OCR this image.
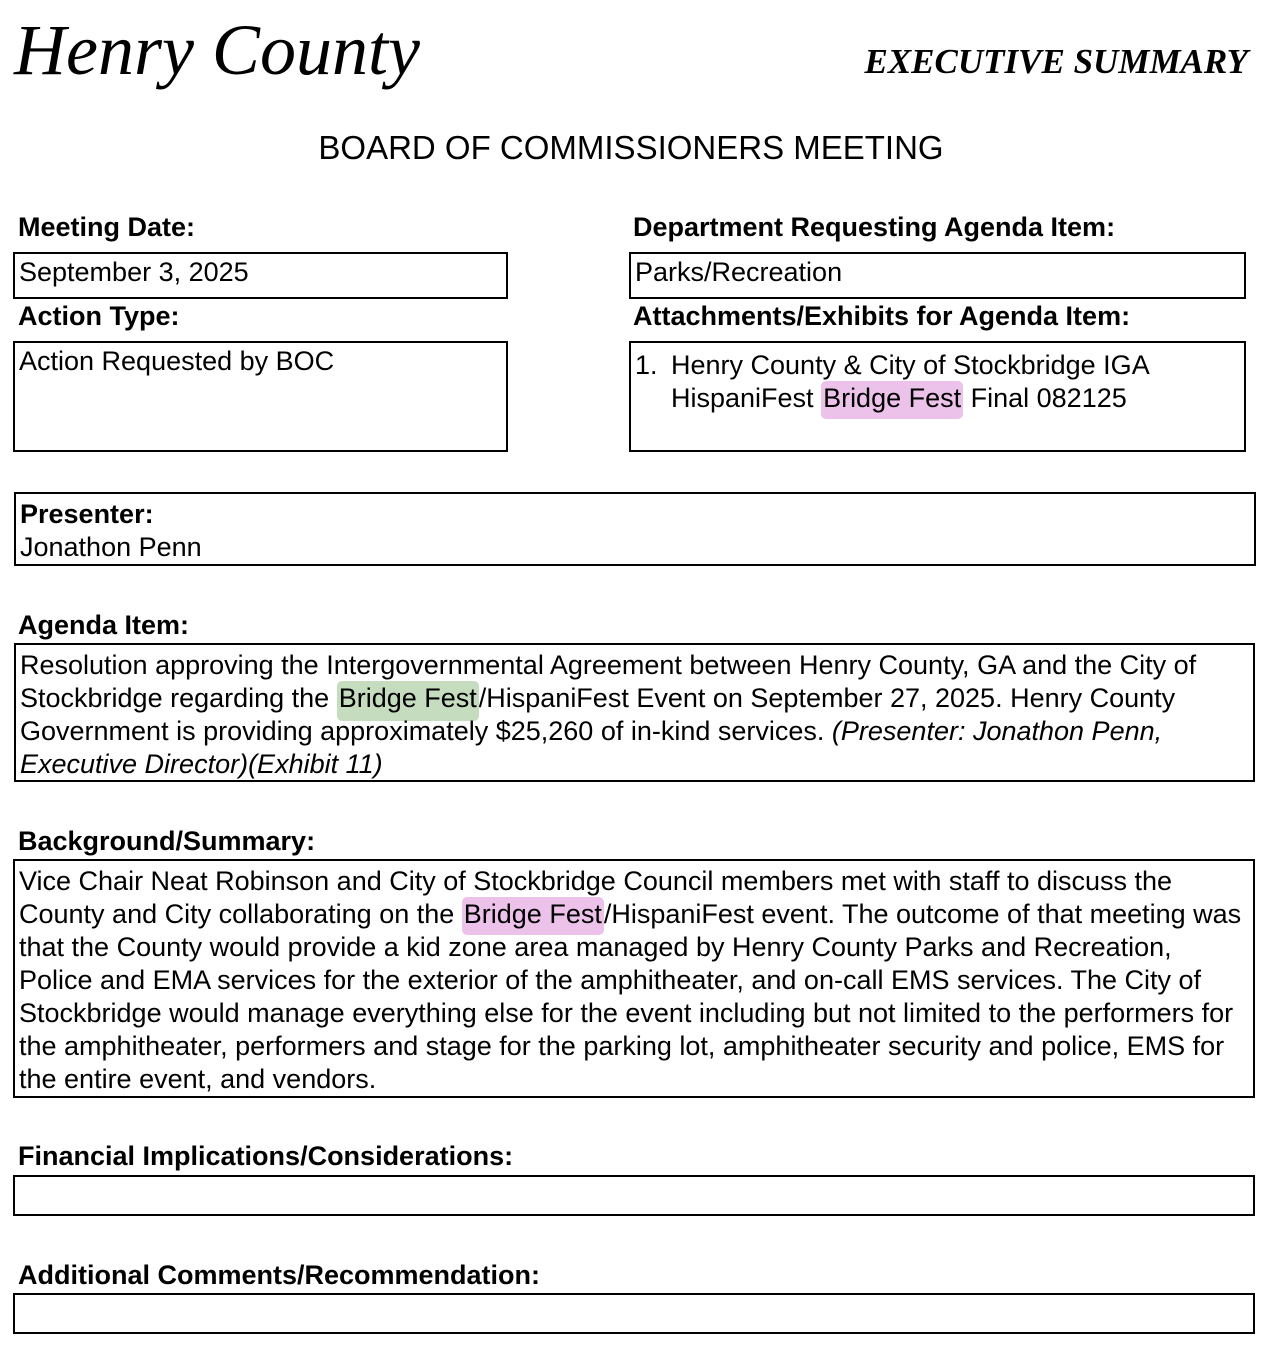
Henry County	EXECUTIVE SUMMARY
BOARD OF COMMISSIONERS MEETING
Meeting Date:
September 3, 2025
Department Requesting Agenda Item:
Parks/Recreation
Action Type:
Action Requested by BOC
Attachments/Exhibits for Agenda Item:
1. Henry County & City of Stockbridge IGA
HispaniFest Bridge Fest Final 082125
Presenter:
Jonathon Penn
Agenda Item:
Resolution approving the Intergovernmental Agreement between Henry County, GA and the City of Stockbridge regarding the Bridge Fest/HispaniFest Event on September 27, 2025. Henry County Government is providing approximately $25,260 of in-kind services. (Presenter: Jonathon Penn, Executive Director)(Exhibit 11)
Background/Summary:
Vice Chair Neat Robinson and City of Stockbridge Council members met with staff to discuss the County and City collaborating on the Bridge Fest/HispaniFest event. The outcome of that meeting was that the County would provide a kid zone area managed by Henry County Parks and Recreation, Police and EMA services for the exterior of the amphitheater, and on-call EMS services. The City of Stockbridge would manage everything else for the event including but not limited to the performers for the amphitheater, performers and stage for the parking lot, amphitheater security and police, EMS for the entire event, and vendors.
Financial Implications/Considerations:
Additional Comments/Recommendation:
